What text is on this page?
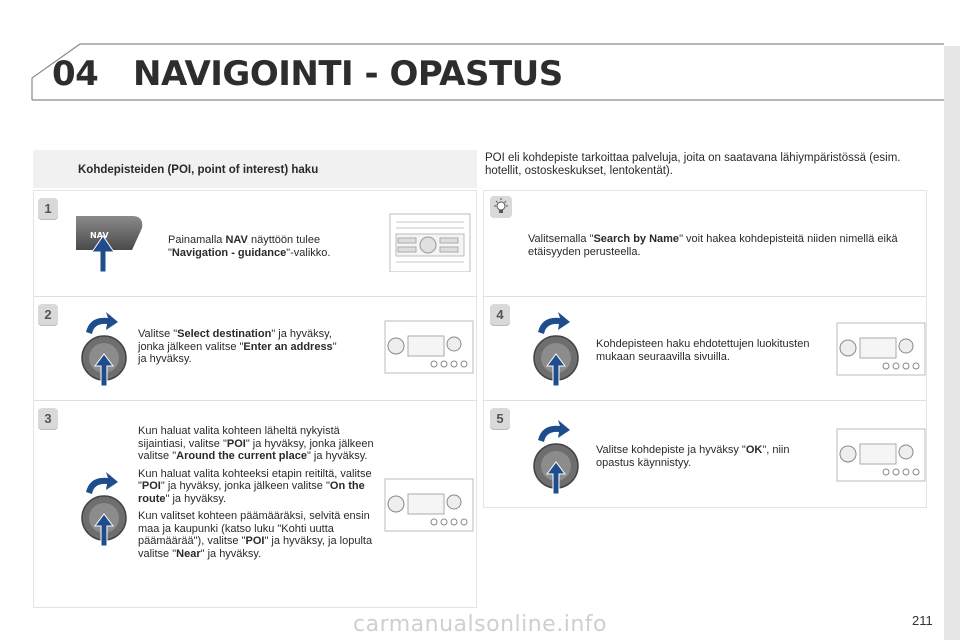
04 NAVIGOINTI - OPASTUS
Kohdepisteiden (POI, point of interest) haku
POI eli kohdepiste tarkoittaa palveluja, joita on saatavana lähiympäristössä (esim. hotellit, ostoskeskukset, lentokentät).
1
NAV	Painamalla NAV näyttöön tulee
"Navigation - guidance"-valikko.
2
Valitse "Select destination" ja hyväksy,
jonka jälkeen valitse "Enter an address"
ja hyväksy.
3

Kun haluat valita kohteen läheltä nykyistä sijaintiasi, valitse "POI" ja hyväksy, jonka jälkeen valitse "Around the current place" ja hyväksy.

Kun haluat valita kohteeksi etapin reitiltä, valitse "POI" ja hyväksy, jonka jälkeen valitse "On the route" ja hyväksy.

Kun valitset kohteen päämääräksi, selvitä ensin maa ja kaupunki (katso luku "Kohti uutta päämäärää"), valitse "POI" ja hyväksy, ja lopulta valitse "Near" ja hyväksy.

Valitsemalla "Search by Name" voit hakea kohdepisteitä niiden nimellä eikä etäisyyden perusteella.
4
Kohdepisteen haku ehdotettujen luokitusten mukaan seuraavilla sivuilla.
5
Valitse kohdepiste ja hyväksy "OK", niin opastus käynnistyy.
211
carmanualsonline.info
